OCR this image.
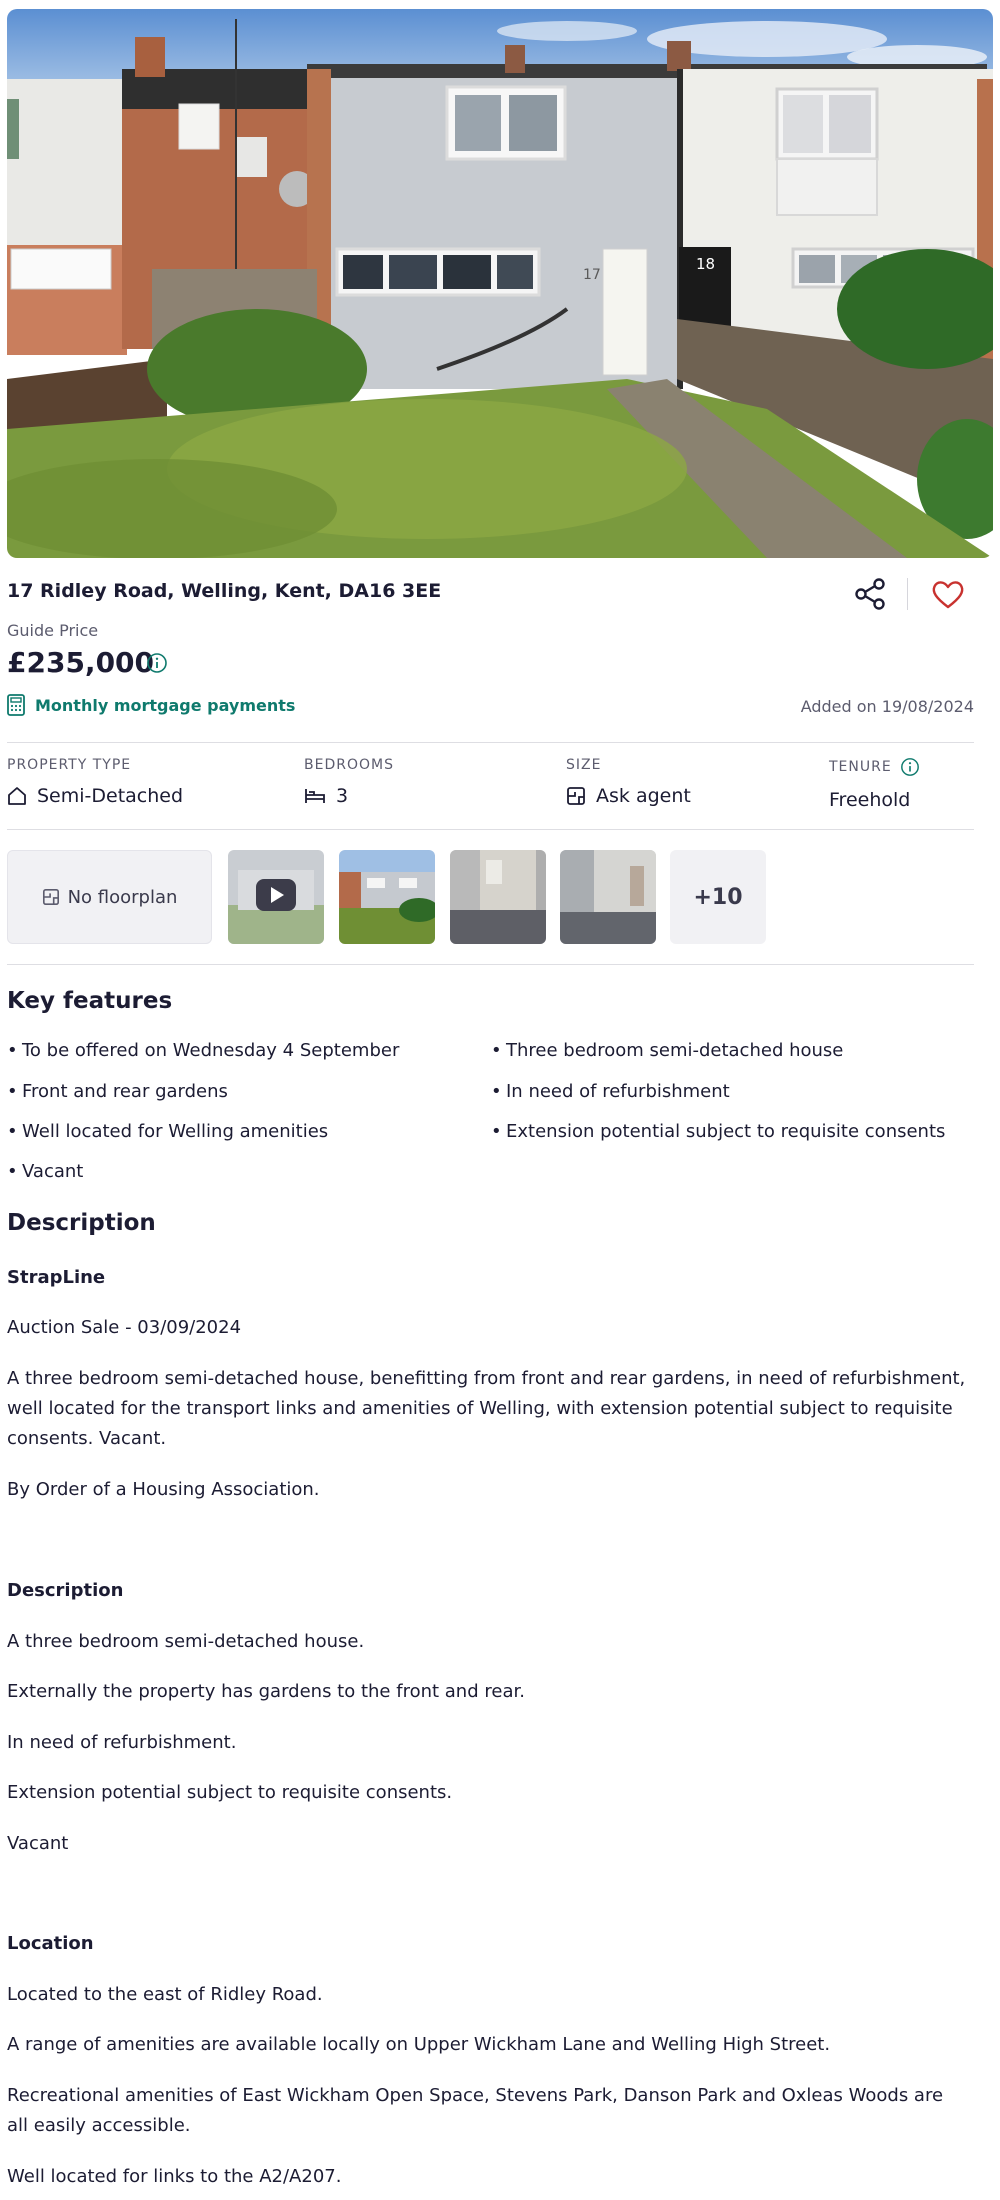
17
18
17 Ridley Road, Welling, Kent, DA16 3EE
Guide Price
£235,000
Monthly mortgage payments	Added on 19/08/2024
PROPERTY TYPE
Semi-Detached
BEDROOMS
3
SIZE
Ask agent
TENURE
Freehold
No floorplan	+10
Key features
• To be offered on Wednesday 4 September	• Three bedroom semi-detached house
• Front and rear gardens	• In need of refurbishment
• Well located for Welling amenities	• Extension potential subject to requisite consents
• Vacant
Description
StrapLine
Auction Sale - 03/09/2024
A three bedroom semi-detached house, benefitting from front and rear gardens, in need of refurbishment, well located for the transport links and amenities of Welling, with extension potential subject to requisite consents. Vacant.
By Order of a Housing Association.
Description
A three bedroom semi-detached house.
Externally the property has gardens to the front and rear.
In need of refurbishment.
Extension potential subject to requisite consents.
Vacant
Location
Located to the east of Ridley Road.
A range of amenities are available locally on Upper Wickham Lane and Welling High Street.
Recreational amenities of East Wickham Open Space, Stevens Park, Danson Park and Oxleas Woods are all easily accessible.
Well located for links to the A2/A207.
